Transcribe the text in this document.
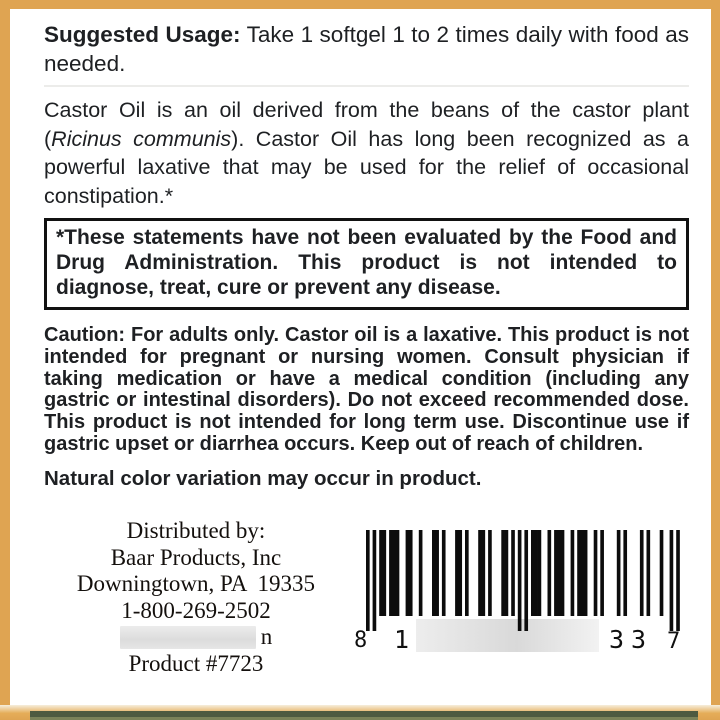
Suggested Usage: Take 1 softgel 1 to 2 times daily with food as needed.

Castor Oil is an oil derived from the beans of the castor plant (Ricinus communis). Castor Oil has long been recognized as a powerful laxative that may be used for the relief of occasional constipation.*

*These statements have not been evaluated by the Food and Drug Administration. This product is not intended to diagnose, treat, cure or prevent any disease.

Caution: For adults only. Castor oil is a laxative. This product is not intended for pregnant or nursing women. Consult physician if taking medication or have a medical condition (including any gastric or intestinal disorders). Do not exceed recommended dose. This product is not intended for long term use. Discontinue use if gastric upset or diarrhea occurs. Keep out of reach of children.

Natural color variation may occur in product.

Distributed by:
Baar Products, Inc
Downingtown, PA  19335
1-800-269-2502
n
Product #7723
8 1	33 7
